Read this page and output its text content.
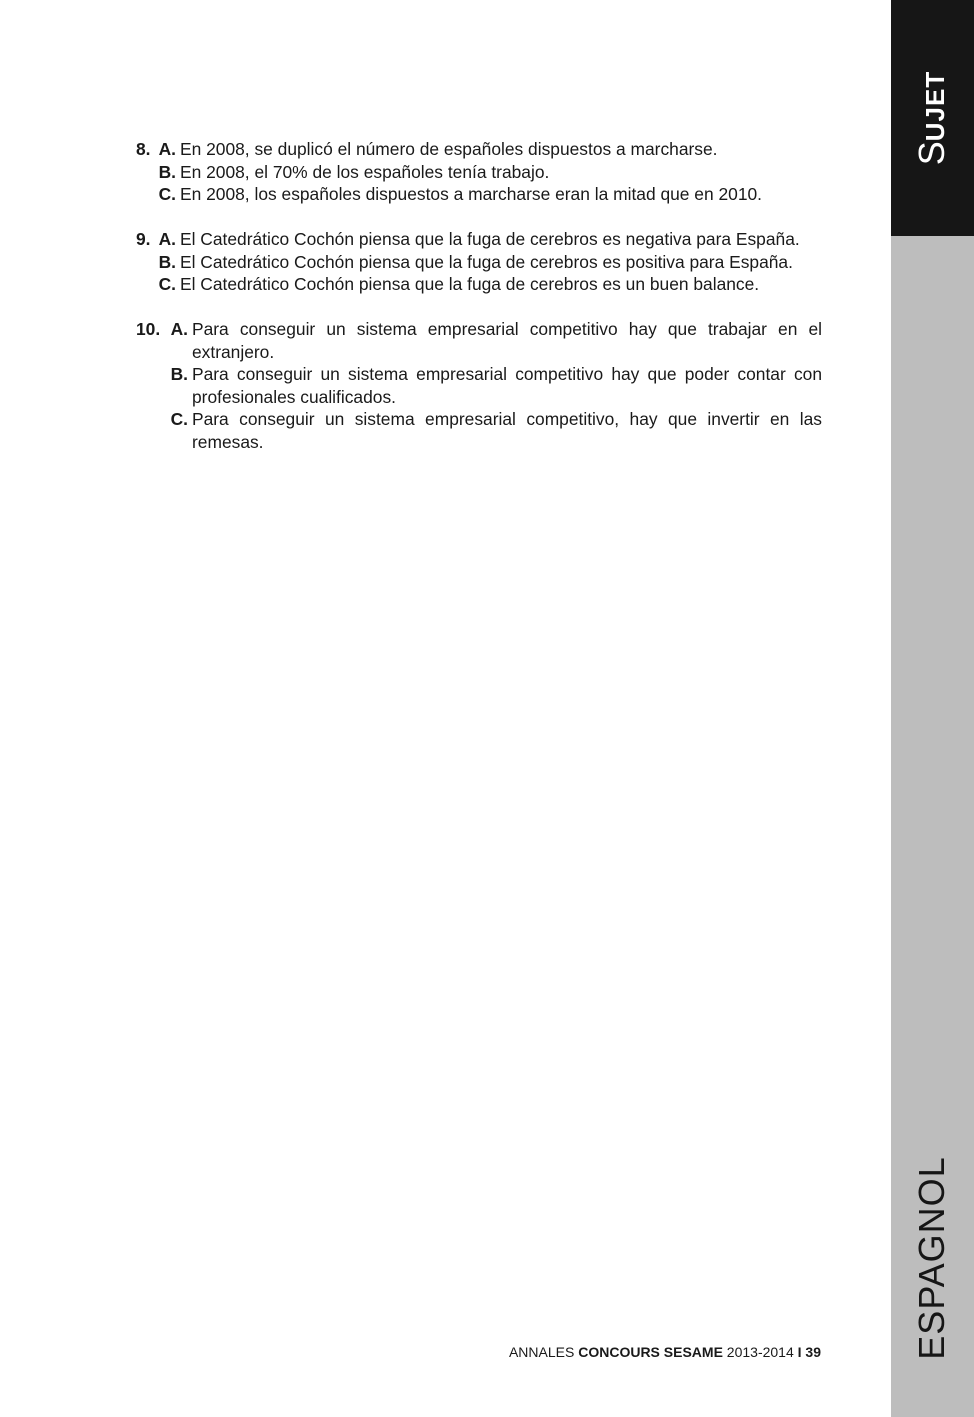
SUJET
ESPAGNOL
8. A. En 2008, se duplicó el número de españoles dispuestos a marcharse.
B. En 2008, el 70% de los españoles tenía trabajo.
C. En 2008, los españoles dispuestos a marcharse eran la mitad que en 2010.
9. A. El Catedrático Cochón piensa que la fuga de cerebros es negativa para España.
B. El Catedrático Cochón piensa que la fuga de cerebros es positiva para España.
C. El Catedrático Cochón piensa que la fuga de cerebros es un buen balance.
10. A. Para conseguir un sistema empresarial competitivo hay que trabajar en el extranjero.
B. Para conseguir un sistema empresarial competitivo hay que poder contar con profesionales cualificados.
C. Para conseguir un sistema empresarial competitivo, hay que invertir en las remesas.
ANNALES CONCOURS SESAME 2013-2014 I 39
